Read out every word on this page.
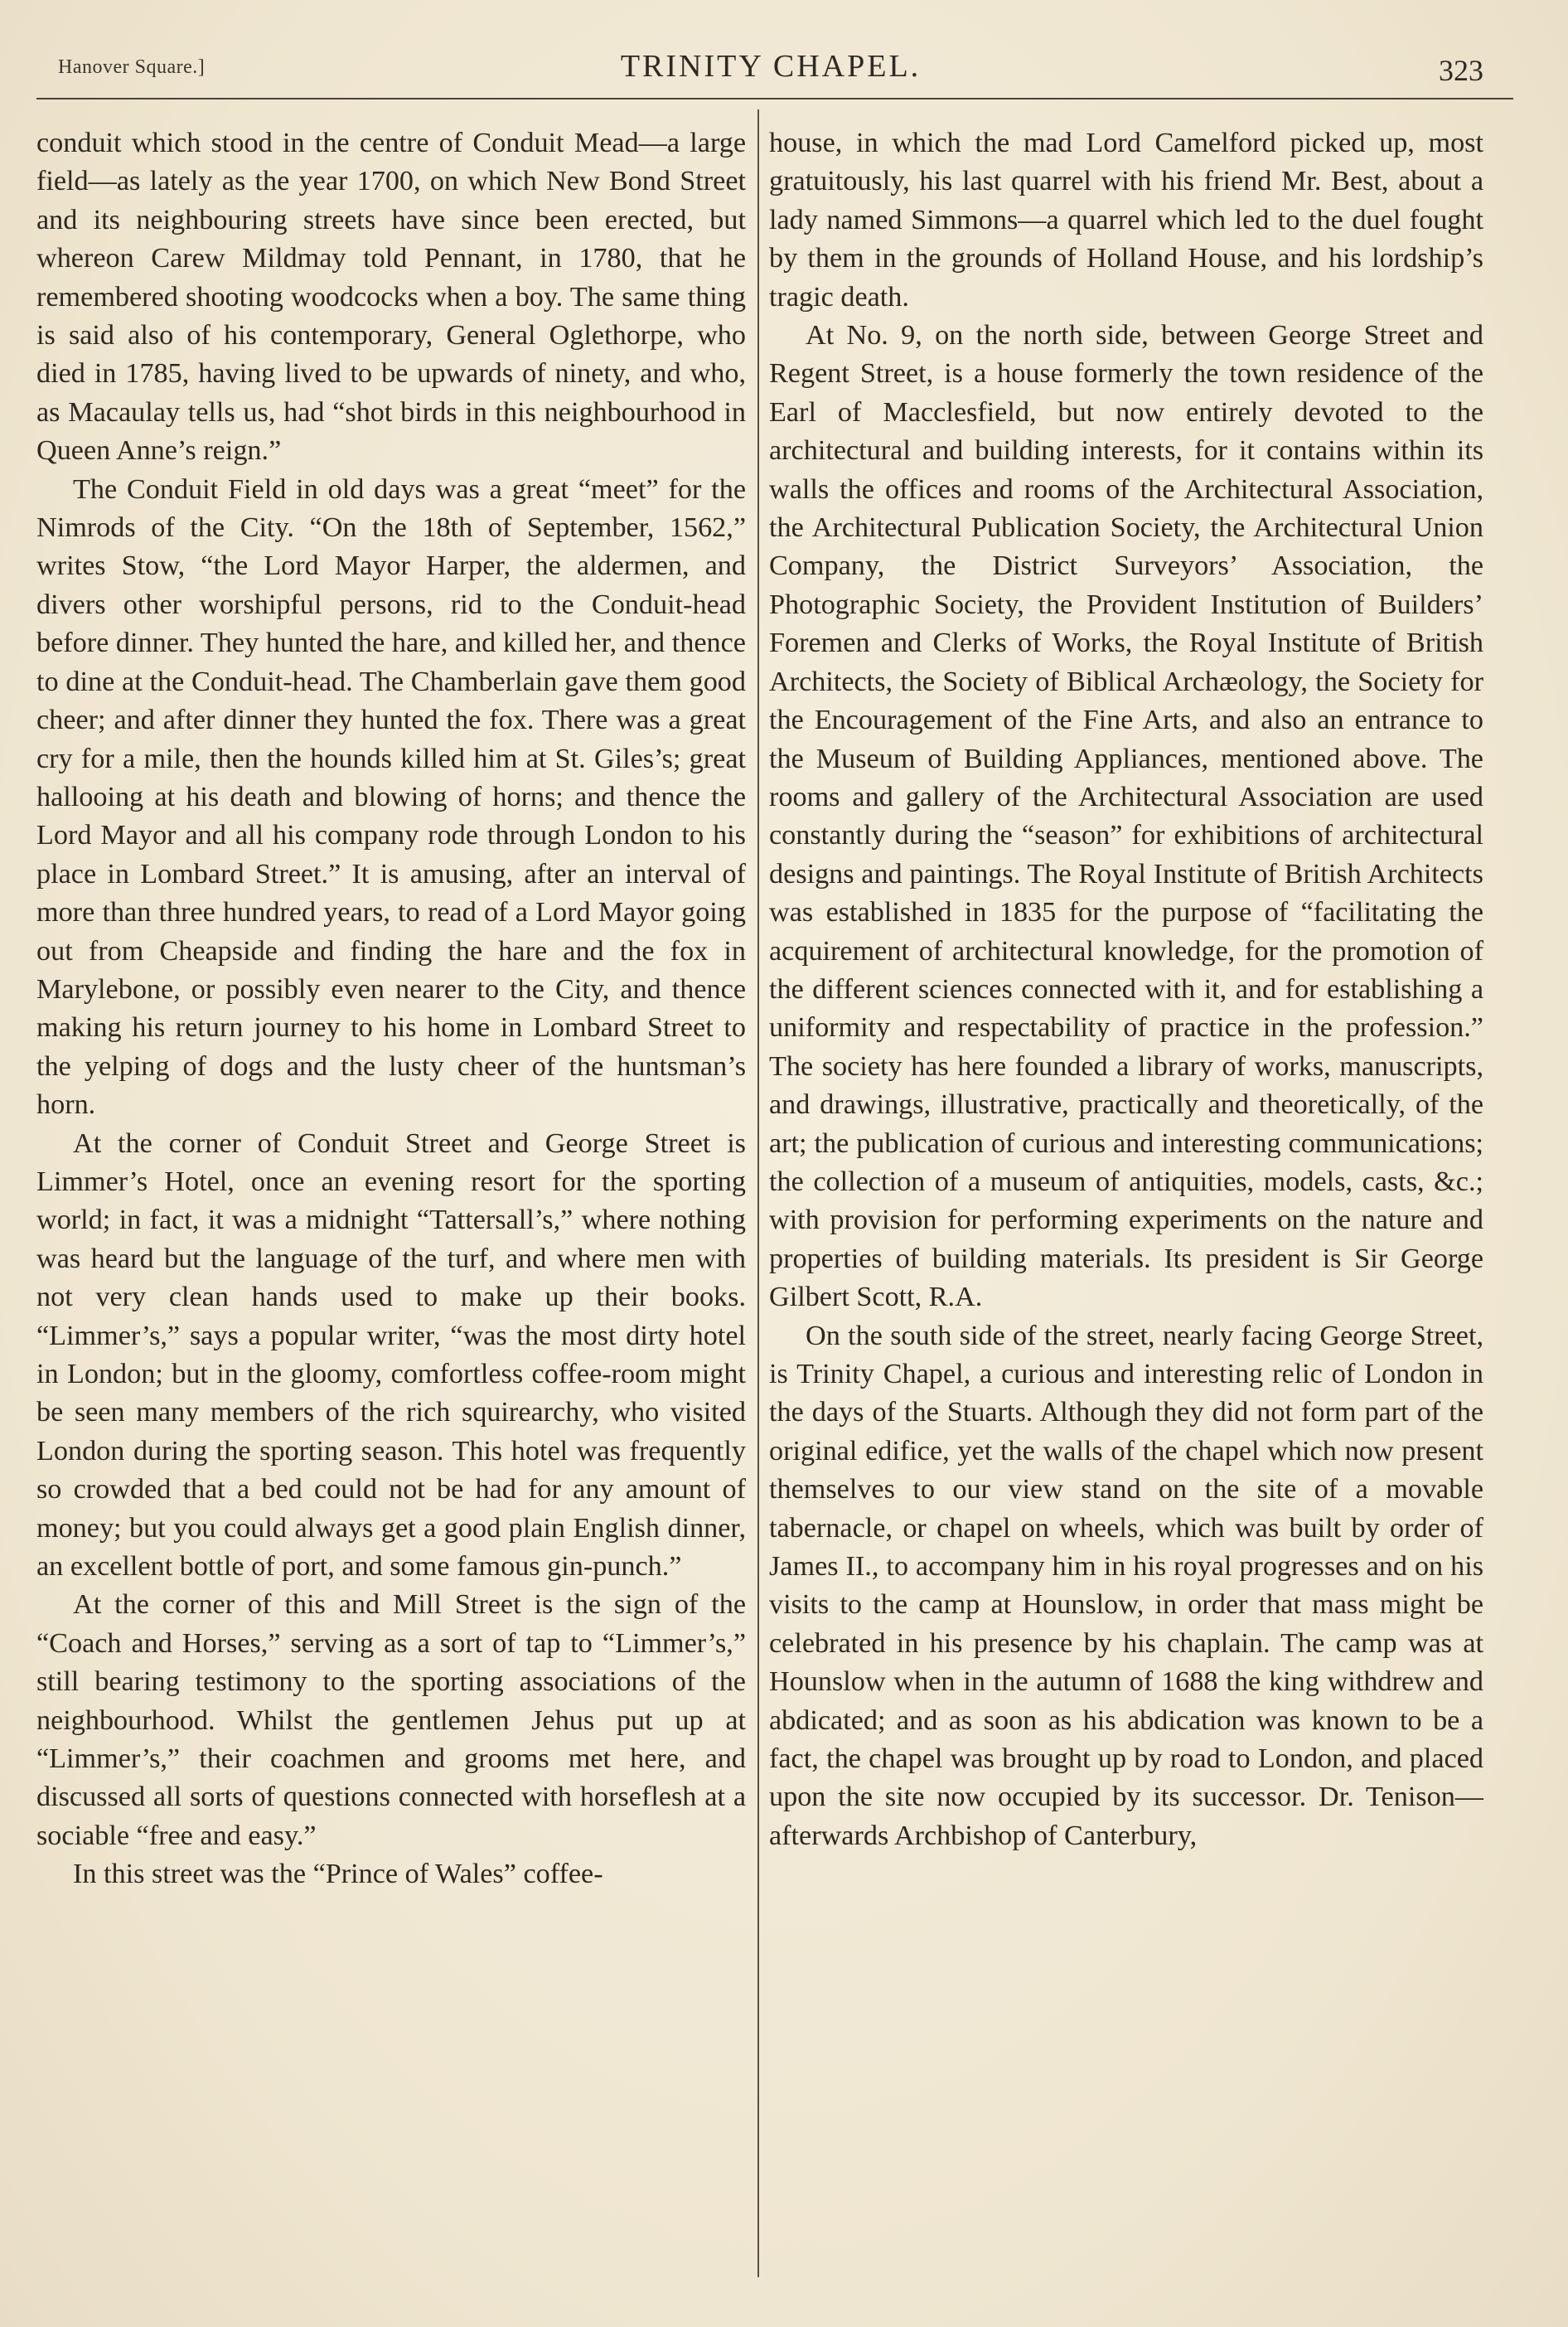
Hanover Square.]	TRINITY CHAPEL.	323

conduit which stood in the centre of Conduit Mead—a large field—as lately as the year 1700, on which New Bond Street and its neighbouring streets have since been erected, but whereon Carew Mildmay told Pennant, in 1780, that he remembered shooting woodcocks when a boy. The same thing is said also of his contemporary, General Oglethorpe, who died in 1785, having lived to be upwards of ninety, and who, as Macaulay tells us, had “shot birds in this neighbourhood in Queen Anne’s reign.”

The Conduit Field in old days was a great “meet” for the Nimrods of the City. “On the 18th of September, 1562,” writes Stow, “the Lord Mayor Harper, the aldermen, and divers other worshipful persons, rid to the Conduit-head before dinner. They hunted the hare, and killed her, and thence to dine at the Conduit-head. The Chamberlain gave them good cheer; and after dinner they hunted the fox. There was a great cry for a mile, then the hounds killed him at St. Giles’s; great hallooing at his death and blowing of horns; and thence the Lord Mayor and all his company rode through London to his place in Lombard Street.” It is amusing, after an interval of more than three hundred years, to read of a Lord Mayor going out from Cheapside and finding the hare and the fox in Marylebone, or possibly even nearer to the City, and thence making his return journey to his home in Lombard Street to the yelping of dogs and the lusty cheer of the huntsman’s horn.

At the corner of Conduit Street and George Street is Limmer’s Hotel, once an evening resort for the sporting world; in fact, it was a midnight “Tattersall’s,” where nothing was heard but the language of the turf, and where men with not very clean hands used to make up their books. “Limmer’s,” says a popular writer, “was the most dirty hotel in London; but in the gloomy, comfortless coffee-room might be seen many members of the rich squirearchy, who visited London during the sporting season. This hotel was frequently so crowded that a bed could not be had for any amount of money; but you could always get a good plain English dinner, an excellent bottle of port, and some famous gin-punch.”

At the corner of this and Mill Street is the sign of the “Coach and Horses,” serving as a sort of tap to “Limmer’s,” still bearing testimony to the sporting associations of the neighbourhood. Whilst the gentlemen Jehus put up at “Limmer’s,” their coachmen and grooms met here, and discussed all sorts of questions connected with horseflesh at a sociable “free and easy.”

In this street was the “Prince of Wales” coffee-

house, in which the mad Lord Camelford picked up, most gratuitously, his last quarrel with his friend Mr. Best, about a lady named Simmons—a quarrel which led to the duel fought by them in the grounds of Holland House, and his lordship’s tragic death.

At No. 9, on the north side, between George Street and Regent Street, is a house formerly the town residence of the Earl of Macclesfield, but now entirely devoted to the architectural and building interests, for it contains within its walls the offices and rooms of the Architectural Association, the Architectural Publication Society, the Architectural Union Company, the District Surveyors’ Association, the Photographic Society, the Provident Institution of Builders’ Foremen and Clerks of Works, the Royal Institute of British Architects, the Society of Biblical Archæology, the Society for the Encouragement of the Fine Arts, and also an entrance to the Museum of Building Appliances, mentioned above. The rooms and gallery of the Architectural Association are used constantly during the “season” for exhibitions of architectural designs and paintings. The Royal Institute of British Architects was established in 1835 for the purpose of “facilitating the acquirement of architectural knowledge, for the promotion of the different sciences connected with it, and for establishing a uniformity and respectability of practice in the profession.” The society has here founded a library of works, manuscripts, and drawings, illustrative, practically and theoretically, of the art; the publication of curious and interesting communications; the collection of a museum of antiquities, models, casts, &c.; with provision for performing experiments on the nature and properties of building materials. Its president is Sir George Gilbert Scott, R.A.

On the south side of the street, nearly facing George Street, is Trinity Chapel, a curious and interesting relic of London in the days of the Stuarts. Although they did not form part of the original edifice, yet the walls of the chapel which now present themselves to our view stand on the site of a movable tabernacle, or chapel on wheels, which was built by order of James II., to accompany him in his royal progresses and on his visits to the camp at Hounslow, in order that mass might be celebrated in his presence by his chaplain. The camp was at Hounslow when in the autumn of 1688 the king withdrew and abdicated; and as soon as his abdication was known to be a fact, the chapel was brought up by road to London, and placed upon the site now occupied by its successor. Dr. Tenison—afterwards Archbishop of Canterbury,
